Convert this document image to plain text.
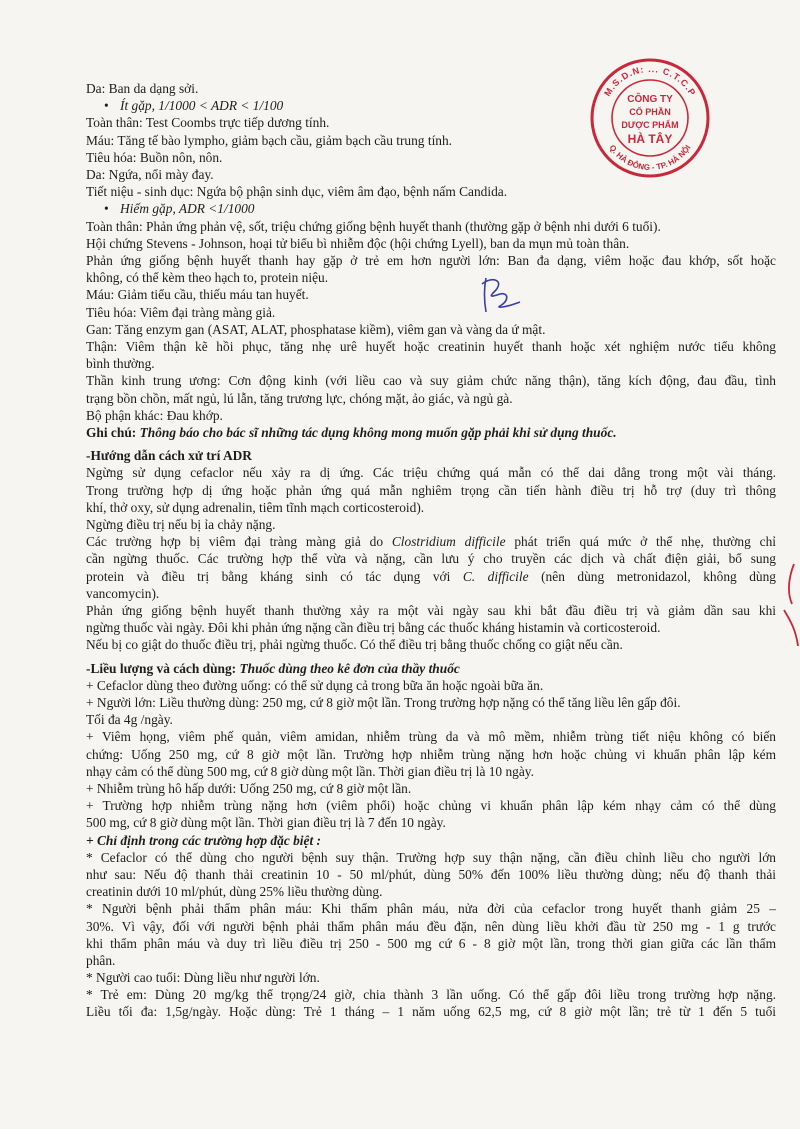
M.S.D.N: ... C.T.C.P
Q. HÀ ĐÔNG - TP. HÀ NỘI
CÔNG TY
CỔ PHẦN
DƯỢC PHẨM
HÀ TÂY
Da: Ban da dạng sởi.
• Ít gặp, 1/1000 < ADR < 1/100
Toàn thân: Test Coombs trực tiếp dương tính.
Máu: Tăng tế bào lympho, giảm bạch cầu, giảm bạch cầu trung tính.
Tiêu hóa: Buồn nôn, nôn.
Da: Ngứa, nổi mày đay.
Tiết niệu - sinh dục: Ngứa bộ phận sinh dục, viêm âm đạo, bệnh nấm Candida.
• Hiếm gặp, ADR <1/1000
Toàn thân: Phản ứng phản vệ, sốt, triệu chứng giống bệnh huyết thanh (thường gặp ở bệnh nhi dưới 6 tuổi).
Hội chứng Stevens - Johnson, hoại tử biểu bì nhiễm độc (hội chứng Lyell), ban da mụn mủ toàn thân.
Phản ứng giống bệnh huyết thanh hay gặp ở trẻ em hơn người lớn: Ban đa dạng, viêm hoặc đau khớp, sốt hoặc
không, có thể kèm theo hạch to, protein niệu.
Máu: Giảm tiểu cầu, thiếu máu tan huyết.
Tiêu hóa: Viêm đại tràng màng giả.
Gan: Tăng enzym gan (ASAT, ALAT, phosphatase kiềm), viêm gan và vàng da ứ mật.
Thận: Viêm thận kẽ hồi phục, tăng nhẹ urê huyết hoặc creatinin huyết thanh hoặc xét nghiệm nước tiểu không
bình thường.
Thần kinh trung ương: Cơn động kinh (với liều cao và suy giảm chức năng thận), tăng kích động, đau đầu, tình
trạng bồn chồn, mất ngủ, lú lẫn, tăng trương lực, chóng mặt, ảo giác, và ngủ gà.
Bộ phận khác: Đau khớp.
Ghi chú: Thông báo cho bác sĩ những tác dụng không mong muốn gặp phải khi sử dụng thuốc.
-Hướng dẫn cách xử trí ADR
Ngừng sử dụng cefaclor nếu xảy ra dị ứng. Các triệu chứng quá mẫn có thể dai dẳng trong một vài tháng.
Trong trường hợp dị ứng hoặc phản ứng quá mẫn nghiêm trọng cần tiến hành điều trị hỗ trợ (duy trì thông
khí, thở oxy, sử dụng adrenalin, tiêm tĩnh mạch corticosteroid).
Ngừng điều trị nếu bị ỉa chảy nặng.
Các trường hợp bị viêm đại tràng màng giả do Clostridium difficile phát triển quá mức ở thể nhẹ, thường chỉ
cần ngừng thuốc. Các trường hợp thể vừa và nặng, cần lưu ý cho truyền các dịch và chất điện giải, bổ sung
protein và điều trị bằng kháng sinh có tác dụng với C. difficile (nên dùng metronidazol, không dùng
vancomycin).
Phản ứng giống bệnh huyết thanh thường xảy ra một vài ngày sau khi bắt đầu điều trị và giảm dần sau khi
ngừng thuốc vài ngày. Đôi khi phản ứng nặng cần điều trị bằng các thuốc kháng histamin và corticosteroid.
Nếu bị co giật do thuốc điều trị, phải ngừng thuốc. Có thể điều trị bằng thuốc chống co giật nếu cần.
-Liều lượng và cách dùng: Thuốc dùng theo kê đơn của thầy thuốc
+ Cefaclor dùng theo đường uống: có thể sử dụng cả trong bữa ăn hoặc ngoài bữa ăn.
+ Người lớn: Liều thường dùng: 250 mg, cứ 8 giờ một lần. Trong trường hợp nặng có thể tăng liều lên gấp đôi.
Tối đa 4g /ngày.
+ Viêm họng, viêm phế quản, viêm amidan, nhiễm trùng da và mô mềm, nhiễm trùng tiết niệu không có biến
chứng: Uống 250 mg, cứ 8 giờ một lần. Trường hợp nhiễm trùng nặng hơn hoặc chủng vi khuẩn phân lập kém
nhạy cảm có thể dùng 500 mg, cứ 8 giờ dùng một lần. Thời gian điều trị là 10 ngày.
+ Nhiễm trùng hô hấp dưới: Uống 250 mg, cứ 8 giờ một lần.
+ Trường hợp nhiễm trùng nặng hơn (viêm phổi) hoặc chủng vi khuẩn phân lập kém nhạy cảm có thể dùng
500 mg, cứ 8 giờ dùng một lần. Thời gian điều trị là 7 đến 10 ngày.
+ Chỉ định trong các trường hợp đặc biệt :
* Cefaclor có thể dùng cho người bệnh suy thận. Trường hợp suy thận nặng, cần điều chỉnh liều cho người lớn
như sau: Nếu độ thanh thải creatinin 10 - 50 ml/phút, dùng 50% đến 100% liều thường dùng; nếu độ thanh thải
creatinin dưới 10 ml/phút, dùng 25% liều thường dùng.
* Người bệnh phải thẩm phân máu: Khi thẩm phân máu, nửa đời của cefaclor trong huyết thanh giảm 25 –
30%. Vì vậy, đối với người bệnh phải thẩm phân máu đều đặn, nên dùng liều khởi đầu từ 250 mg - 1 g trước
khi thẩm phân máu và duy trì liều điều trị 250 - 500 mg cứ 6 - 8 giờ một lần, trong thời gian giữa các lần thẩm
phân.
* Người cao tuổi: Dùng liều như người lớn.
* Trẻ em: Dùng 20 mg/kg thể trọng/24 giờ, chia thành 3 lần uống. Có thể gấp đôi liều trong trường hợp nặng.
Liều tối đa: 1,5g/ngày. Hoặc dùng: Trẻ 1 tháng – 1 năm uống 62,5 mg, cứ 8 giờ một lần; trẻ từ 1 đến 5 tuổi
